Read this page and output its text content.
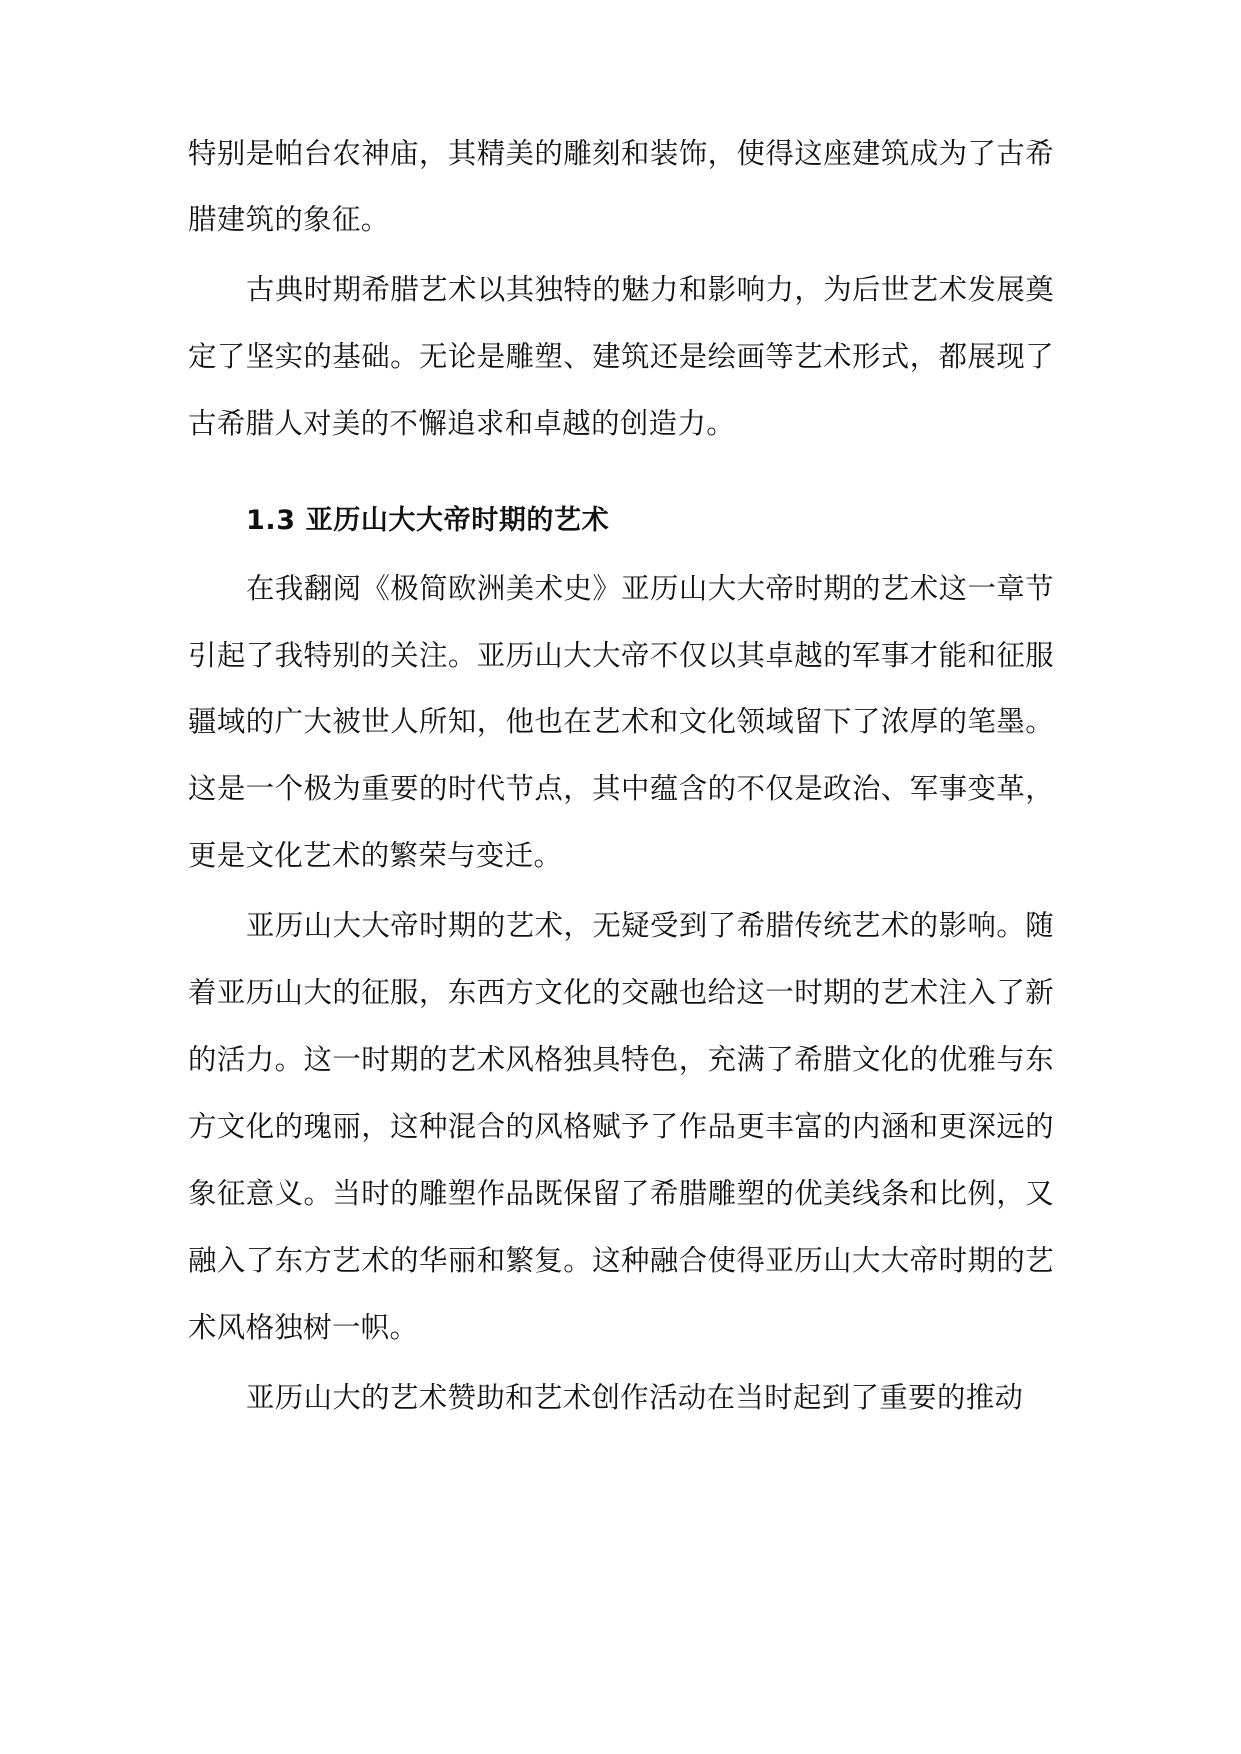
特别是帕台农神庙，其精美的雕刻和装饰，使得这座建筑成为了古希
腊建筑的象征。
古典时期希腊艺术以其独特的魅力和影响力，为后世艺术发展奠
定了坚实的基础。无论是雕塑、建筑还是绘画等艺术形式，都展现了
古希腊人对美的不懈追求和卓越的创造力。
1.3 亚历山大大帝时期的艺术
在我翻阅《极简欧洲美术史》亚历山大大帝时期的艺术这一章节
引起了我特别的关注。亚历山大大帝不仅以其卓越的军事才能和征服
疆域的广大被世人所知，他也在艺术和文化领域留下了浓厚的笔墨。
这是一个极为重要的时代节点，其中蕴含的不仅是政治、军事变革，
更是文化艺术的繁荣与变迁。
亚历山大大帝时期的艺术，无疑受到了希腊传统艺术的影响。随
着亚历山大的征服，东西方文化的交融也给这一时期的艺术注入了新
的活力。这一时期的艺术风格独具特色，充满了希腊文化的优雅与东
方文化的瑰丽，这种混合的风格赋予了作品更丰富的内涵和更深远的
象征意义。当时的雕塑作品既保留了希腊雕塑的优美线条和比例，又
融入了东方艺术的华丽和繁复。这种融合使得亚历山大大帝时期的艺
术风格独树一帜。
亚历山大的艺术赞助和艺术创作活动在当时起到了重要的推动
